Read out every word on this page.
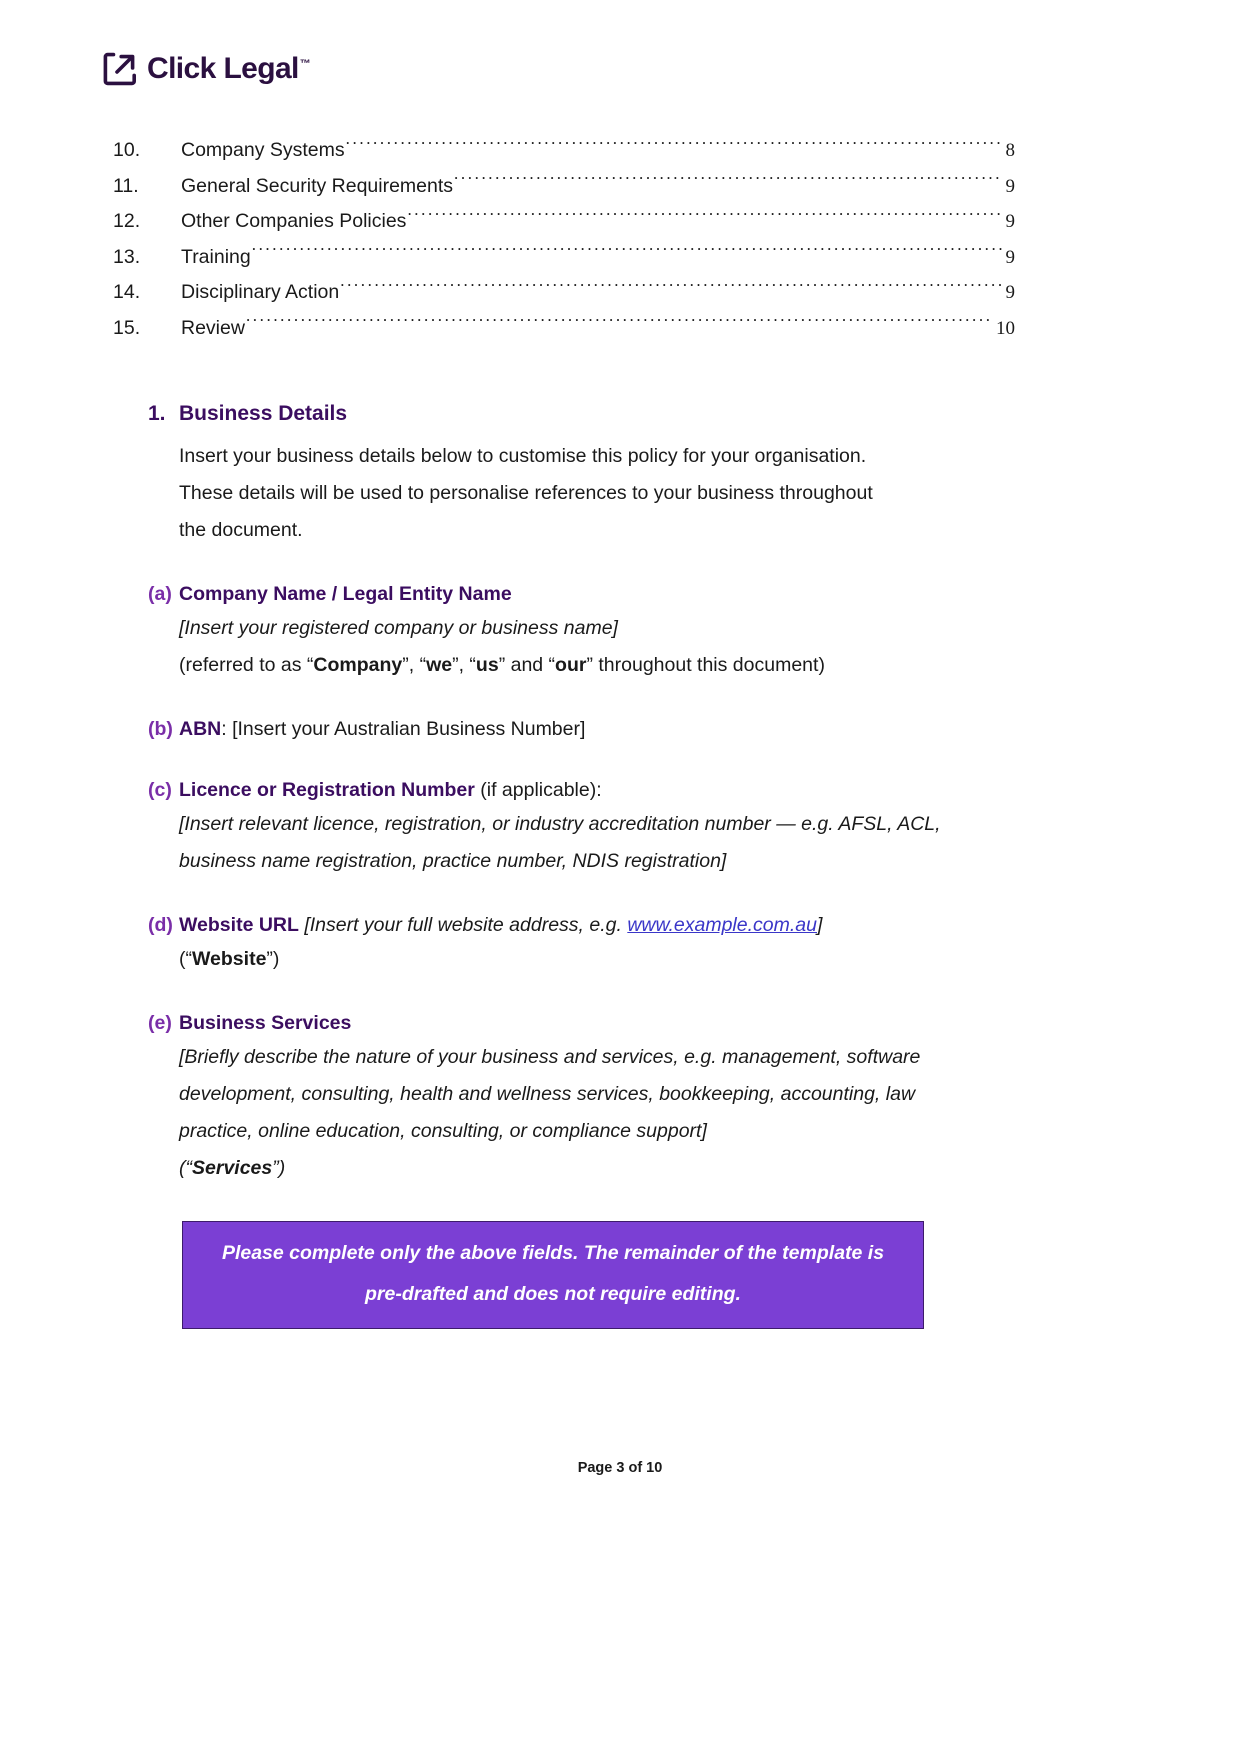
Click Legal™
10.	Company Systems .....	8
11.	General Security Requirements .....	9
12.	Other Companies Policies .....	9
13.	Training .....	9
14.	Disciplinary Action .....	9
15.	Review .....	10
1. Business Details
Insert your business details below to customise this policy for your organisation. These details will be used to personalise references to your business throughout the document.
(a) Company Name / Legal Entity Name
[Insert your registered company or business name]
(referred to as “Company”, “we”, “us” and “our” throughout this document)
(b) ABN: [Insert your Australian Business Number]
(c) Licence or Registration Number (if applicable):
[Insert relevant licence, registration, or industry accreditation number — e.g. AFSL, ACL, business name registration, practice number, NDIS registration]
(d) Website URL [Insert your full website address, e.g. www.example.com.au]
(“Website”)
(e) Business Services
[Briefly describe the nature of your business and services, e.g. management, software development, consulting, health and wellness services, bookkeeping, accounting, law practice, online education, consulting, or compliance support]
(“Services”)
Please complete only the above fields. The remainder of the template is pre-drafted and does not require editing.
Page 3 of 10
